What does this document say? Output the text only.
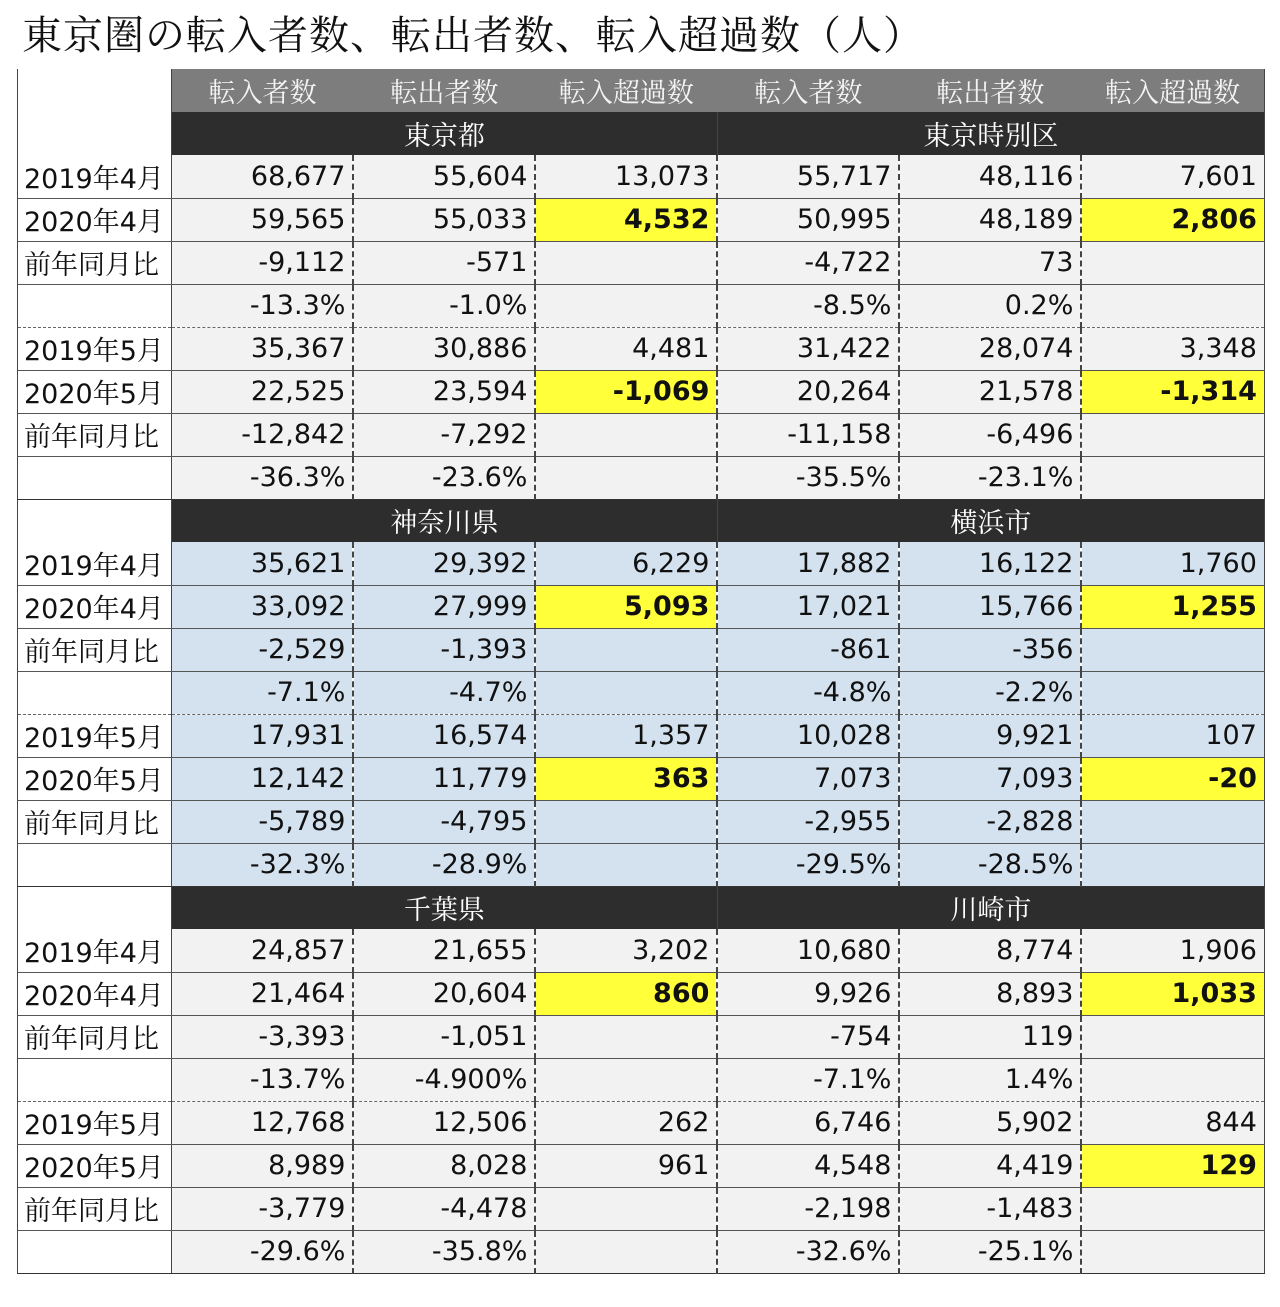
東京圏の転入者数、転出者数、転入超過数（人）
	転入者数	転出者数	転入超過数	転入者数	転出者数	転入超過数
	東京都			東京時別区		
2019年4月	68,677	55,604	13,073	55,717	48,116	7,601
2020年4月	59,565	55,033	4,532	50,995	48,189	2,806
前年同月比	-9,112	-571		-4,722	73	
	-13.3%	-1.0%		-8.5%	0.2%	
2019年5月	35,367	30,886	4,481	31,422	28,074	3,348
2020年5月	22,525	23,594	-1,069	20,264	21,578	-1,314
前年同月比	-12,842	-7,292		-11,158	-6,496	
	-36.3%	-23.6%		-35.5%	-23.1%	
	神奈川県			横浜市		
2019年4月	35,621	29,392	6,229	17,882	16,122	1,760
2020年4月	33,092	27,999	5,093	17,021	15,766	1,255
前年同月比	-2,529	-1,393		-861	-356	
	-7.1%	-4.7%		-4.8%	-2.2%	
2019年5月	17,931	16,574	1,357	10,028	9,921	107
2020年5月	12,142	11,779	363	7,073	7,093	-20
前年同月比	-5,789	-4,795		-2,955	-2,828	
	-32.3%	-28.9%		-29.5%	-28.5%	
	千葉県			川崎市		
2019年4月	24,857	21,655	3,202	10,680	8,774	1,906
2020年4月	21,464	20,604	860	9,926	8,893	1,033
前年同月比	-3,393	-1,051		-754	119	
	-13.7%	-4.900%		-7.1%	1.4%	
2019年5月	12,768	12,506	262	6,746	5,902	844
2020年5月	8,989	8,028	961	4,548	4,419	129
前年同月比	-3,779	-4,478		-2,198	-1,483	
	-29.6%	-35.8%		-32.6%	-25.1%	
